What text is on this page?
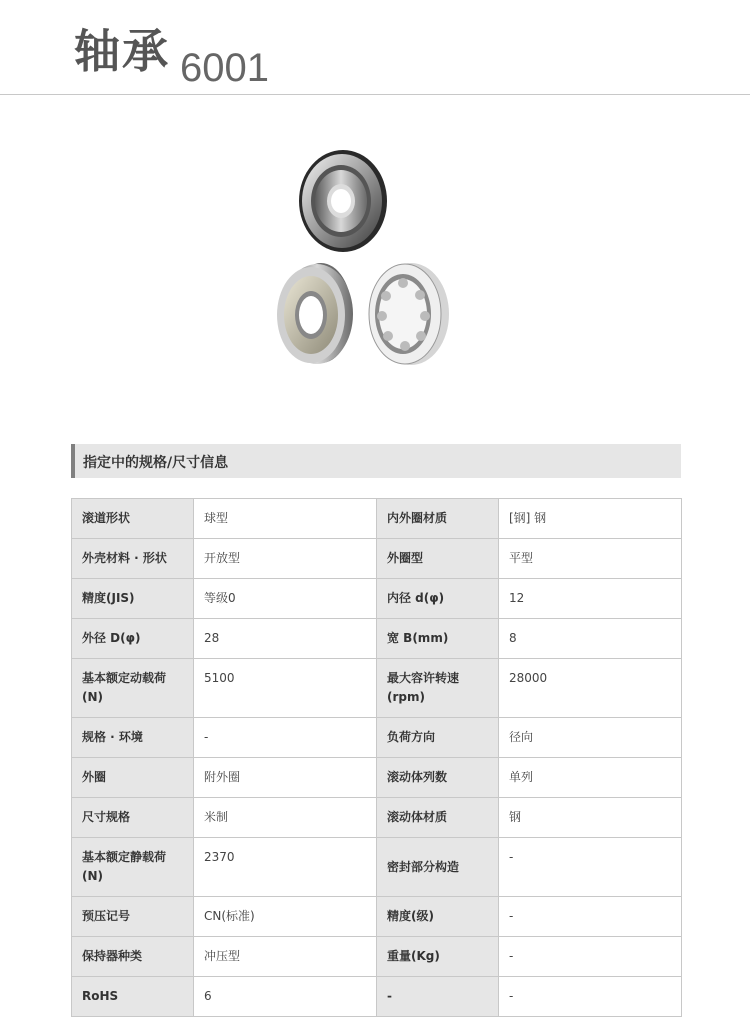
轴承 6001
指定中的规格/尺寸信息
滚道形状	球型	内外圈材质	[钢] 钢
外壳材料 · 形状	开放型	外圈型	平型
精度(JIS)	等级0	内径 d(φ)	12
外径 D(φ)	28	宽 B(mm)	8
基本额定动载荷(N)	5100	最大容许转速(rpm)	28000
规格 · 环境	-	负荷方向	径向
外圈	附外圈	滚动体列数	单列
尺寸规格	米制	滚动体材质	钢
基本额定静载荷(N)	2370	密封部分构造	-
预压记号	CN(标准)	精度(级)	-
保持器种类	冲压型	重量(Kg)	-
RoHS	6	-	-
